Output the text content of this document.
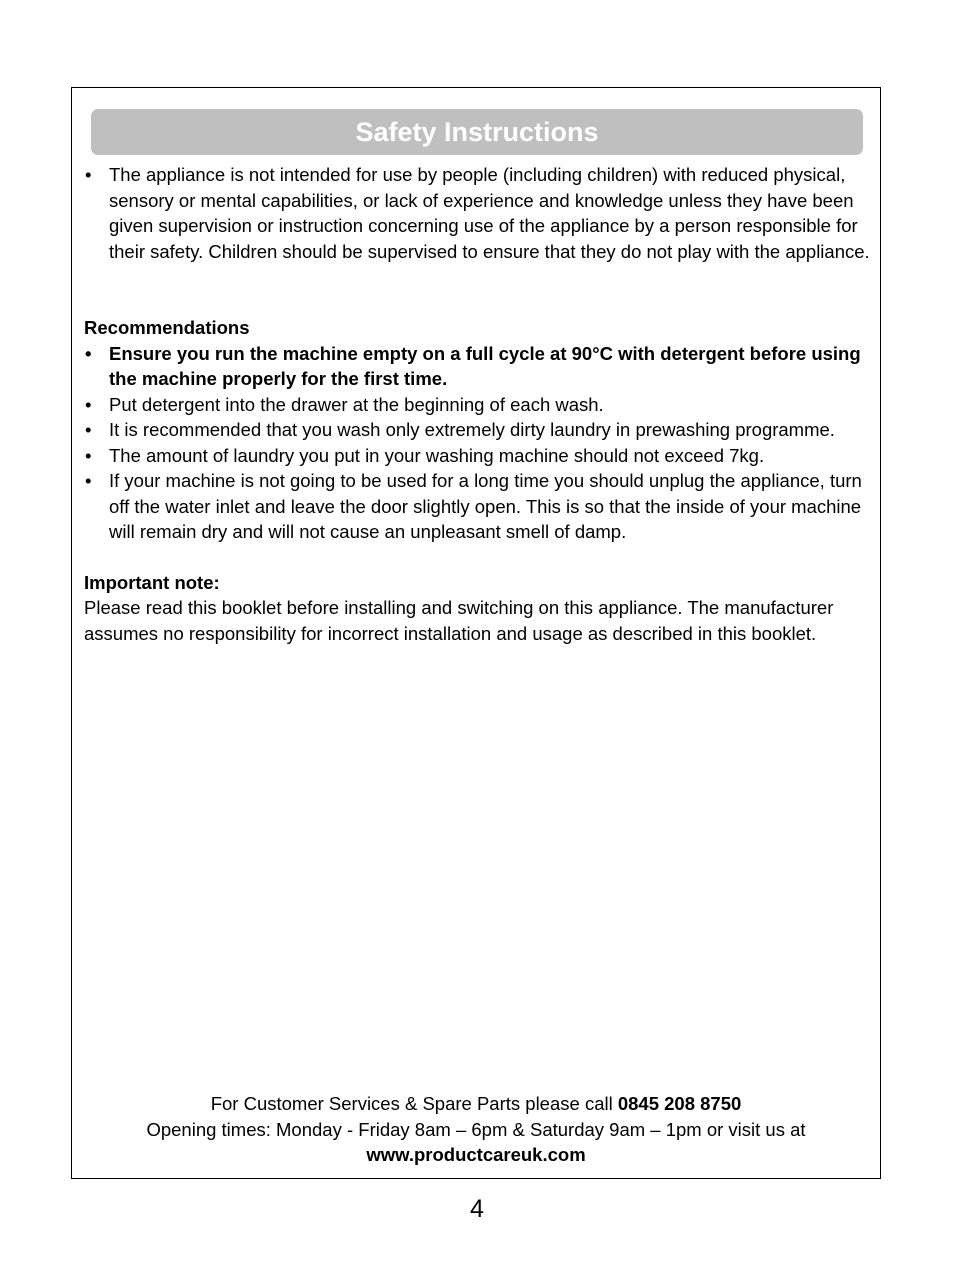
Safety Instructions
• The appliance is not intended for use by people (including children) with reduced physical, sensory or mental capabilities, or lack of experience and knowledge unless they have been given supervision or instruction concerning use of the appliance by a person responsible for their safety. Children should be supervised to ensure that they do not play with the appliance.
Recommendations
• Ensure you run the machine empty on a full cycle at 90°C with detergent before using the machine properly for the first time.
• Put detergent into the drawer at the beginning of each wash.
• It is recommended that you wash only extremely dirty laundry in prewashing programme.
• The amount of laundry you put in your washing machine should not exceed 7kg.
• If your machine is not going to be used for a long time you should unplug the appliance, turn off the water inlet and leave the door slightly open. This is so that the inside of your machine will remain dry and will not cause an unpleasant smell of damp.
Important note:
Please read this booklet before installing and switching on this appliance. The manufacturer assumes no responsibility for incorrect installation and usage as described in this booklet.
For Customer Services & Spare Parts please call 0845 208 8750
Opening times: Monday - Friday 8am – 6pm & Saturday 9am – 1pm or visit us at
www.productcareuk.com
4
